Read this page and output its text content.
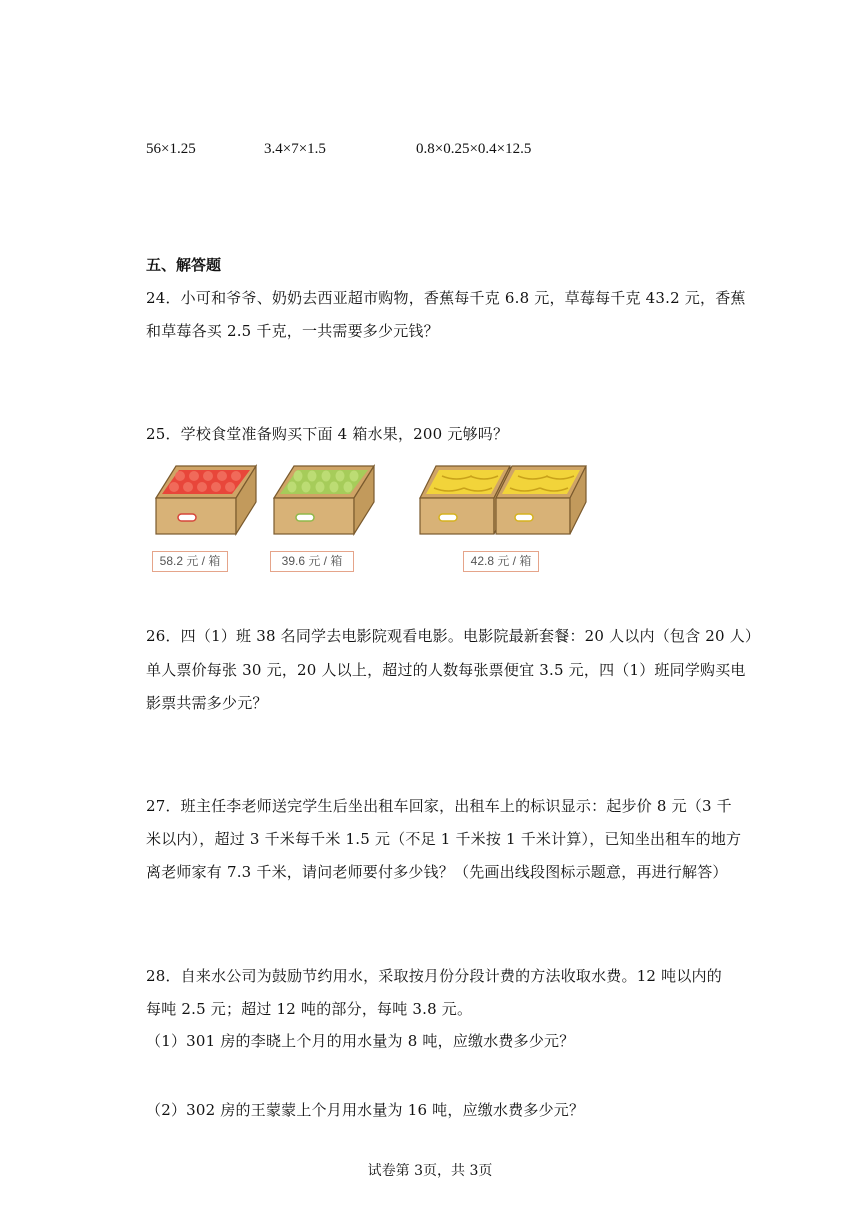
56×1.25	3.4×7×1.5	0.8×0.25×0.4×12.5
五、解答题
24．小可和爷爷、奶奶去西亚超市购物，香蕉每千克 6.8 元，草莓每千克 43.2 元，香蕉
和草莓各买 2.5 千克，一共需要多少元钱？
25．学校食堂准备购买下面 4 箱水果，200 元够吗？
58.2 元 / 箱	39.6 元 / 箱	42.8 元 / 箱
26．四（1）班 38 名同学去电影院观看电影。电影院最新套餐：20 人以内（包含 20 人）
单人票价每张 30 元，20 人以上，超过的人数每张票便宜 3.5 元，四（1）班同学购买电
影票共需多少元？
27．班主任李老师送完学生后坐出租车回家，出租车上的标识显示：起步价 8 元（3 千
米以内），超过 3 千米每千米 1.5 元（不足 1 千米按 1 千米计算），已知坐出租车的地方
离老师家有 7.3 千米，请问老师要付多少钱？（先画出线段图标示题意，再进行解答）
28．自来水公司为鼓励节约用水，采取按月份分段计费的方法收取水费。12 吨以内的
每吨 2.5 元；超过 12 吨的部分，每吨 3.8 元。
（1）301 房的李晓上个月的用水量为 8 吨，应缴水费多少元？
（2）302 房的王蒙蒙上个月用水量为 16 吨，应缴水费多少元？
试卷第 3页，共 3页
